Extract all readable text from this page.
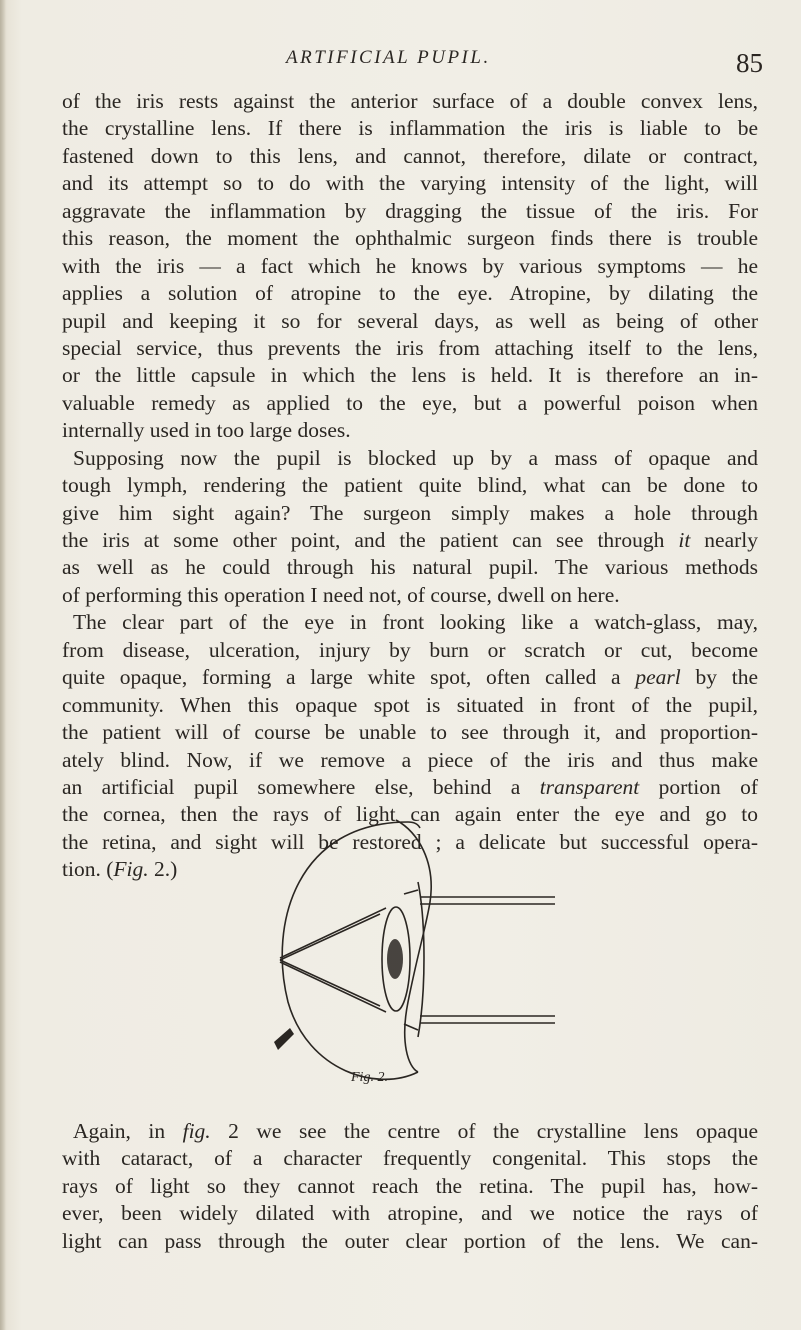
ARTIFICIAL PUPIL.	85
of the iris rests against the anterior surface of a double convex lens,
the crystalline lens. If there is inflammation the iris is liable to be
fastened down to this lens, and cannot, therefore, dilate or contract,
and its attempt so to do with the varying intensity of the light, will
aggravate the inflammation by dragging the tissue of the iris. For
this reason, the moment the ophthalmic surgeon finds there is trouble
with the iris — a fact which he knows by various symptoms — he
applies a solution of atropine to the eye. Atropine, by dilating the
pupil and keeping it so for several days, as well as being of other
special service, thus prevents the iris from attaching itself to the lens,
or the little capsule in which the lens is held. It is therefore an in-
valuable remedy as applied to the eye, but a powerful poison when
internally used in too large doses.
Supposing now the pupil is blocked up by a mass of opaque and
tough lymph, rendering the patient quite blind, what can be done to
give him sight again? The surgeon simply makes a hole through
the iris at some other point, and the patient can see through it nearly
as well as he could through his natural pupil. The various methods
of performing this operation I need not, of course, dwell on here.
The clear part of the eye in front looking like a watch-glass, may,
from disease, ulceration, injury by burn or scratch or cut, become
quite opaque, forming a large white spot, often called a pearl by the
community. When this opaque spot is situated in front of the pupil,
the patient will of course be unable to see through it, and proportion-
ately blind. Now, if we remove a piece of the iris and thus make
an artificial pupil somewhere else, behind a transparent portion of
the cornea, then the rays of light can again enter the eye and go to
the retina, and sight will be restored ; a delicate but successful opera-
tion. (Fig. 2.)
Fig. 2.
Again, in fig. 2 we see the centre of the crystalline lens opaque
with cataract, of a character frequently congenital. This stops the
rays of light so they cannot reach the retina. The pupil has, how-
ever, been widely dilated with atropine, and we notice the rays of
light can pass through the outer clear portion of the lens. We can-
